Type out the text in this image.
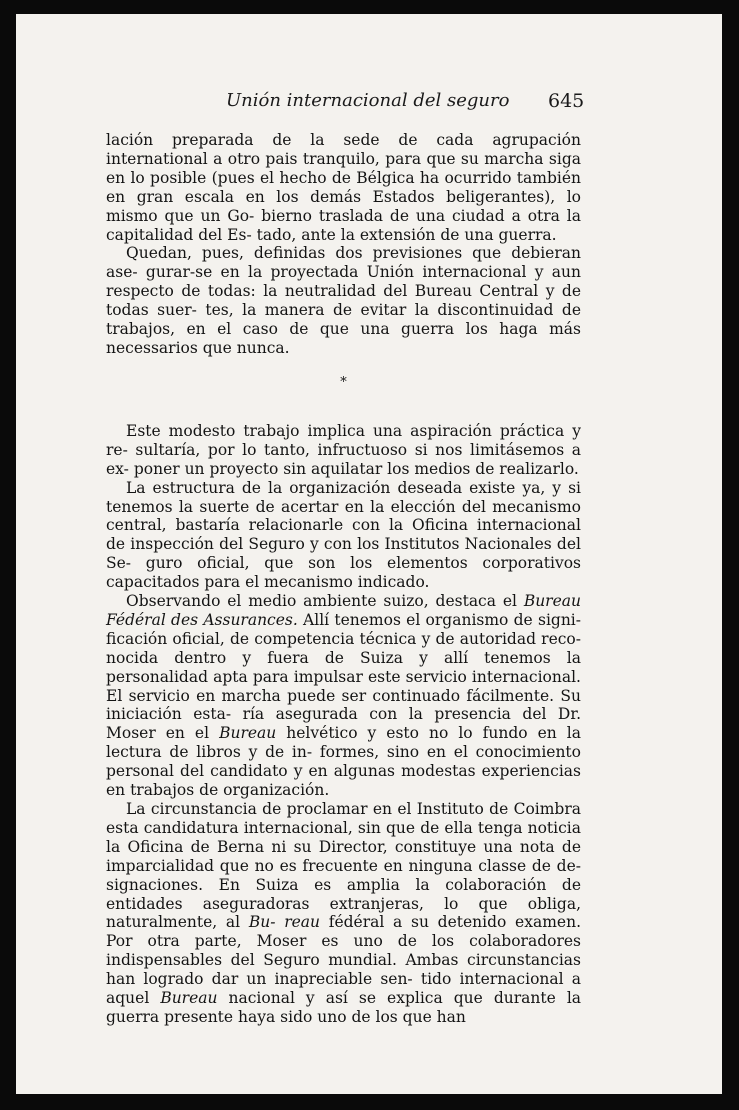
Unión internacional del seguro 645

lación preparada de la sede de cada agrupación international a otro pais tranquilo, para que su marcha siga en lo posible (pues el hecho de Bélgica ha ocurrido también en gran escala en los demás Estados beligerantes), lo mismo que un Go- bierno traslada de una ciudad a otra la capitalidad del Es- tado, ante la extensión de una guerra.

Quedan, pues, definidas dos previsiones que debieran ase- gurar-se en la proyectada Unión internacional y aun respecto de todas: la neutralidad del Bureau Central y de todas suer- tes, la manera de evitar la discontinuidad de trabajos, en el caso de que una guerra los haga más necessarios que nunca.

*

Este modesto trabajo implica una aspiración práctica y re- sultaría, por lo tanto, infructuoso si nos limitásemos a ex- poner un proyecto sin aquilatar los medios de realizarlo.

La estructura de la organización deseada existe ya, y si tenemos la suerte de acertar en la elección del mecanismo central, bastaría relacionarle con la Oficina internacional de inspección del Seguro y con los Institutos Nacionales del Se- guro oficial, que son los elementos corporativos capacitados para el mecanismo indicado.

Observando el medio ambiente suizo, destaca el Bureau Fédéral des Assurances. Allí tenemos el organismo de signi- ficación oficial, de competencia técnica y de autoridad reco- nocida dentro y fuera de Suiza y allí tenemos la personalidad apta para impulsar este servicio internacional. El servicio en marcha puede ser continuado fácilmente. Su iniciación esta- ría asegurada con la presencia del Dr. Moser en el Bureau helvético y esto no lo fundo en la lectura de libros y de in- formes, sino en el conocimiento personal del candidato y en algunas modestas experiencias en trabajos de organización.

La circunstancia de proclamar en el Instituto de Coimbra esta candidatura internacional, sin que de ella tenga noticia la Oficina de Berna ni su Director, constituye una nota de imparcialidad que no es frecuente en ninguna classe de de- signaciones. En Suiza es amplia la colaboración de entidades aseguradoras extranjeras, lo que obliga, naturalmente, al Bu- reau fédéral a su detenido examen. Por otra parte, Moser es uno de los colaboradores indispensables del Seguro mundial. Ambas circunstancias han logrado dar un inapreciable sen- tido internacional a aquel Bureau nacional y así se explica que durante la guerra presente haya sido uno de los que han
